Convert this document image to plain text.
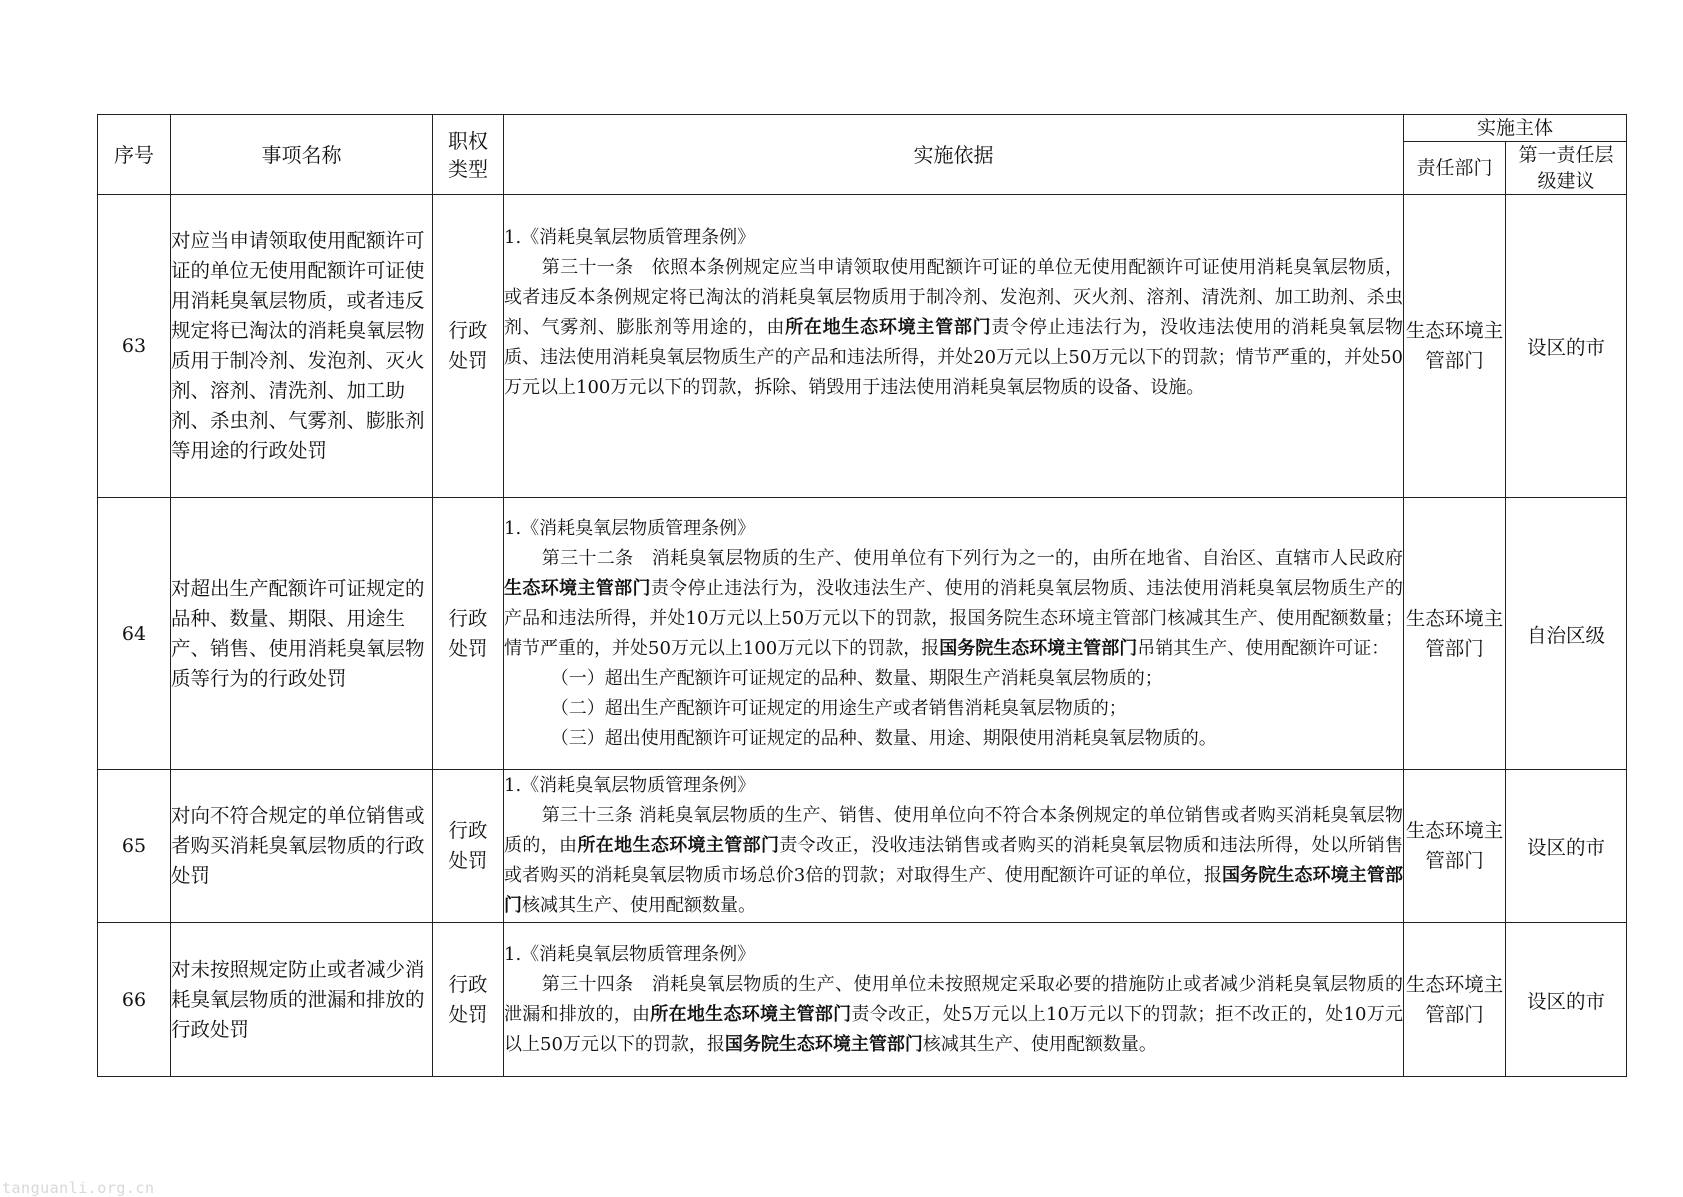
序号	事项名称	职权类型	实施依据	实施主体	
				责任部门	第一责任层级建议
63	对应当申请领取使用配额许可证的单位无使用配额许可证使用消耗臭氧层物质，或者违反规定将已淘汰的消耗臭氧层物质用于制冷剂、发泡剂、灭火剂、溶剂、清洗剂、加工助剂、杀虫剂、气雾剂、膨胀剂等用途的行政处罚	行政处罚	1.《消耗臭氧层物质管理条例》

第三十一条　依照本条例规定应当申请领取使用配额许可证的单位无使用配额许可证使用消耗臭氧层物质，或者违反本条例规定将已淘汰的消耗臭氧层物质用于制冷剂、发泡剂、灭火剂、溶剂、清洗剂、加工助剂、杀虫剂、气雾剂、膨胀剂等用途的，由所在地生态环境主管部门责令停止违法行为，没收违法使用的消耗臭氧层物质、违法使用消耗臭氧层物质生产的产品和违法所得，并处20万元以上50万元以下的罚款；情节严重的，并处50万元以上100万元以下的罚款，拆除、销毁用于违法使用消耗臭氧层物质的设备、设施。	生态环境主管部门	设区的市
64	对超出生产配额许可证规定的品种、数量、期限、用途生产、销售、使用消耗臭氧层物质等行为的行政处罚	行政处罚	1.《消耗臭氧层物质管理条例》

第三十二条　消耗臭氧层物质的生产、使用单位有下列行为之一的，由所在地省、自治区、直辖市人民政府生态环境主管部门责令停止违法行为，没收违法生产、使用的消耗臭氧层物质、违法使用消耗臭氧层物质生产的产品和违法所得，并处10万元以上50万元以下的罚款，报国务院生态环境主管部门核减其生产、使用配额数量；情节严重的，并处50万元以上100万元以下的罚款，报国务院生态环境主管部门吊销其生产、使用配额许可证：

（一）超出生产配额许可证规定的品种、数量、期限生产消耗臭氧层物质的；

（二）超出生产配额许可证规定的用途生产或者销售消耗臭氧层物质的；

（三）超出使用配额许可证规定的品种、数量、用途、期限使用消耗臭氧层物质的。	生态环境主管部门	自治区级
65	对向不符合规定的单位销售或者购买消耗臭氧层物质的行政处罚	行政处罚	1.《消耗臭氧层物质管理条例》

第三十三条 消耗臭氧层物质的生产、销售、使用单位向不符合本条例规定的单位销售或者购买消耗臭氧层物质的，由所在地生态环境主管部门责令改正，没收违法销售或者购买的消耗臭氧层物质和违法所得，处以所销售或者购买的消耗臭氧层物质市场总价3倍的罚款；对取得生产、使用配额许可证的单位，报国务院生态环境主管部门核减其生产、使用配额数量。	生态环境主管部门	设区的市
66	对未按照规定防止或者减少消耗臭氧层物质的泄漏和排放的行政处罚	行政处罚	1.《消耗臭氧层物质管理条例》

第三十四条　消耗臭氧层物质的生产、使用单位未按照规定采取必要的措施防止或者减少消耗臭氧层物质的泄漏和排放的，由所在地生态环境主管部门责令改正，处5万元以上10万元以下的罚款；拒不改正的，处10万元以上50万元以下的罚款，报国务院生态环境主管部门核减其生产、使用配额数量。	生态环境主管部门	设区的市
tanguanli.org.cn
